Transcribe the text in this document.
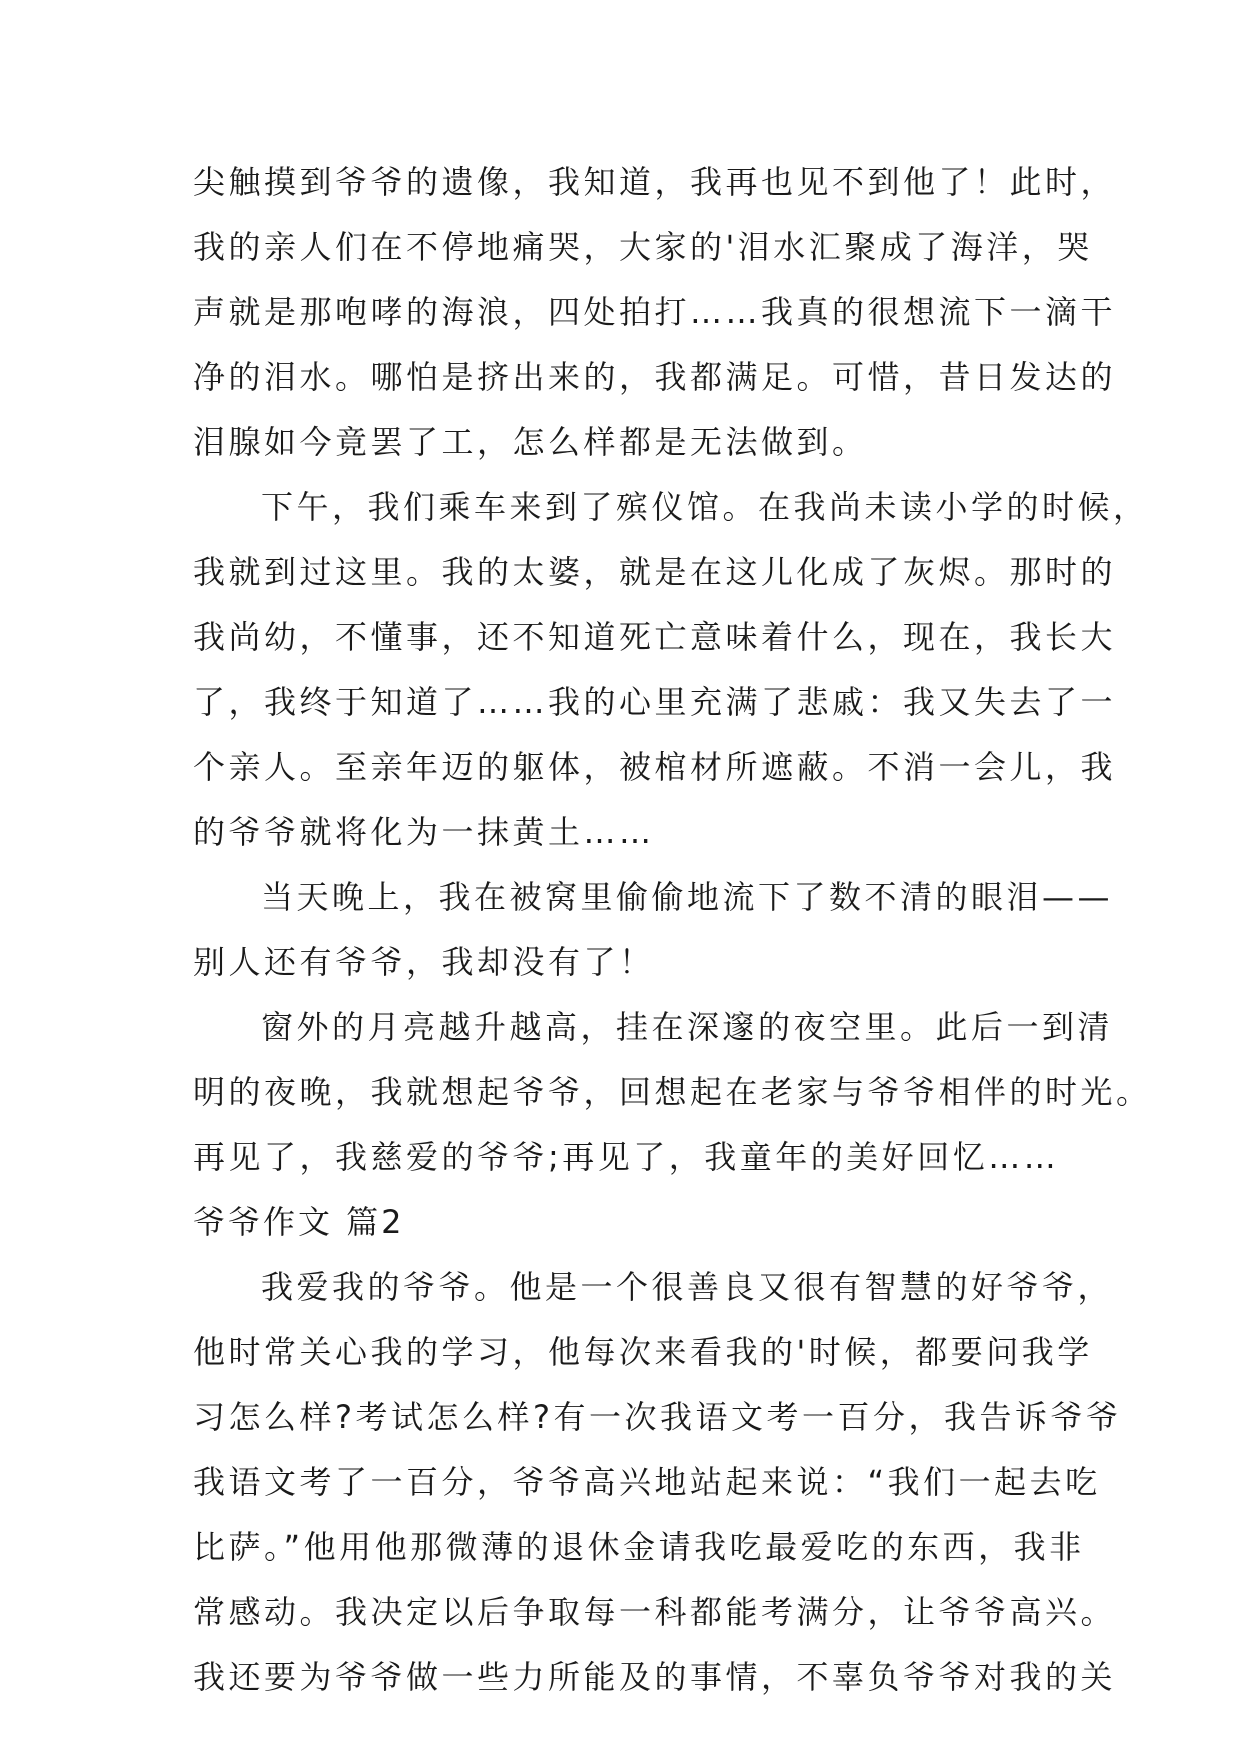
尖触摸到爷爷的遗像，我知道，我再也见不到他了！此时，
我的亲人们在不停地痛哭，大家的'泪水汇聚成了海洋，哭
声就是那咆哮的海浪，四处拍打……我真的很想流下一滴干
净的泪水。哪怕是挤出来的，我都满足。可惜，昔日发达的
泪腺如今竟罢了工，怎么样都是无法做到。
下午，我们乘车来到了殡仪馆。在我尚未读小学的时候，
我就到过这里。我的太婆，就是在这儿化成了灰烬。那时的
我尚幼，不懂事，还不知道死亡意味着什么，现在，我长大
了，我终于知道了……我的心里充满了悲戚：我又失去了一
个亲人。至亲年迈的躯体，被棺材所遮蔽。不消一会儿，我
的爷爷就将化为一抹黄土……
当天晚上，我在被窝里偷偷地流下了数不清的眼泪——
别人还有爷爷，我却没有了！
窗外的月亮越升越高，挂在深邃的夜空里。此后一到清
明的夜晚，我就想起爷爷，回想起在老家与爷爷相伴的时光。
再见了，我慈爱的爷爷;再见了，我童年的美好回忆……
爷爷作文 篇2
我爱我的爷爷。他是一个很善良又很有智慧的好爷爷，
他时常关心我的学习，他每次来看我的'时候，都要问我学
习怎么样?考试怎么样?有一次我语文考一百分，我告诉爷爷
我语文考了一百分，爷爷高兴地站起来说：“我们一起去吃
比萨。”他用他那微薄的退休金请我吃最爱吃的东西，我非
常感动。我决定以后争取每一科都能考满分，让爷爷高兴。
我还要为爷爷做一些力所能及的事情，不辜负爷爷对我的关
